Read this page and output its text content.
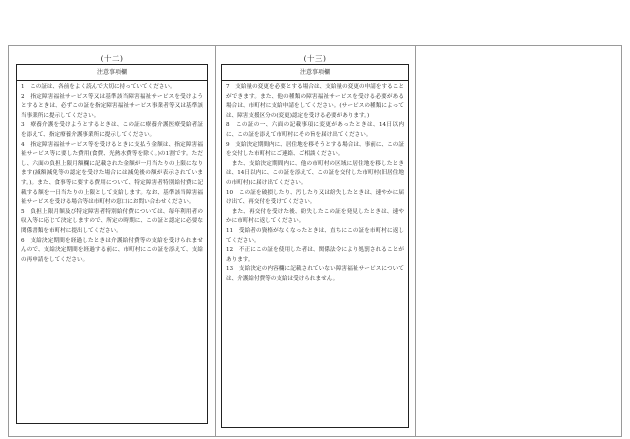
(十二)	(十三)
注意事項欄

1　この証は、各前をよく読んで大切に持っていてください。

2　指定障害福祉サービス等又は基準該当障害福祉サービスを受けようとするときは、必ずこの証を指定障害福祉サービス事業者等又は基準該当事業所に提示してください。

3　療養介護を受けようとするときは、この証に療養介護医療受給者証を添えて、指定療養介護事業所に提示してください。

4　指定障害福祉サービス等を受けるときに支払う金額は、指定障害福祉サービス等に要した費用(食費、光熱水費等を除く。)の1割です。ただし、六面の負担上限月額欄に記載された金額が一月当たりの上限になります(減額減免等の認定を受けた場合には減免後の額が表示されています。)。また、食事等に要する費用について、特定障害者特別給付費に記載する額を一日当たりの上限として支給します。なお、基準該当障害福祉サービスを受ける場合等は市町村の窓口にお問い合わせください。

5　負担上限月額及び特定障害者特別給付費については、毎年利用者の収入等に応じて決定しますので、所定の時期に、この証と認定に必要な関係書類を市町村に提出してください。

6　支給決定期間を経過したときは介護給付費等の支給を受けられませんので、支給決定期間を経過する前に、市町村にこの証を添えて、支給の再申請をしてください。

注意事項欄

7　支給量の変更を必要とする場合は、支給量の変更の申請をすることができます。また、他の種類の障害福祉サービスを受ける必要がある場合は、市町村に支給申請をしてください。(サービスの種類によっては、障害支援区分の(変更)認定を受ける必要があります。)

8　この証の一、六面の記載事項に変更があったときは、14日以内に、この証を添えて市町村にその旨を届け出てください。

9　支給決定期間内に、居住地を移そうとする場合は、事前に、この証を交付した市町村にご連絡、ご相談ください。

　また、支給決定期間内に、他の市町村の区域に居住地を移したときは、14日以内に、この証を添えて、この証を交付した市町村(旧居住地の市町村)に届け出てください。

10　この証を破損したり、汚したり又は紛失したときは、速やかに届け出て、再交付を受けてください。

　また、再交付を受けた後、紛失したこの証を発見したときは、速やかに市町村に返してください。

11　受給者の資格がなくなったときは、直ちにこの証を市町村に返してください。

12　不正にこの証を使用した者は、関係法令により処罰されることがあります。

13　支給決定の内容欄に記載されていない障害福祉サービスについては、介護給付費等の支給は受けられません。
